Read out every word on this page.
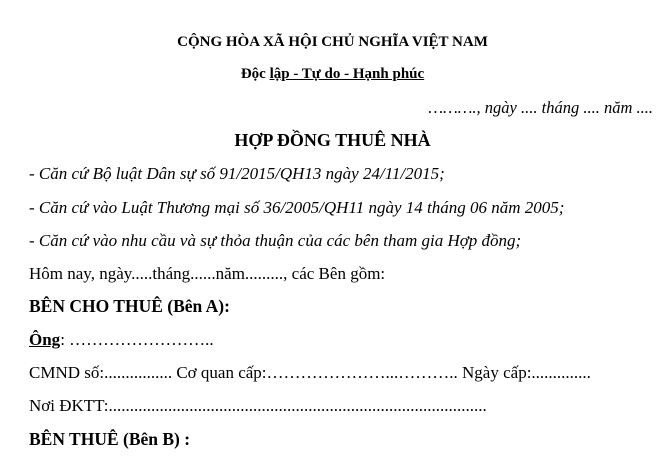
CỘNG HÒA XÃ HỘI CHỦ NGHĨA VIỆT NAM
Độc lập - Tự do - Hạnh phúc
………., ngày .... tháng .... năm ....
HỢP ĐỒNG THUÊ NHÀ
- Căn cứ Bộ luật Dân sự số 91/2015/QH13 ngày 24/11/2015;
- Căn cứ vào Luật Thương mại số 36/2005/QH11 ngày 14 tháng 06 năm 2005;
- Căn cứ vào nhu cầu và sự thỏa thuận của các bên tham gia Hợp đồng;
Hôm nay, ngày.....tháng......năm........., các Bên gồm:
BÊN CHO THUÊ (Bên A):
Ông: ……………………..
CMND số:................ Cơ quan cấp:…………………...……….. Ngày cấp:..............
Nơi ĐKTT:.........................................................................................
BÊN THUÊ (Bên B) :
